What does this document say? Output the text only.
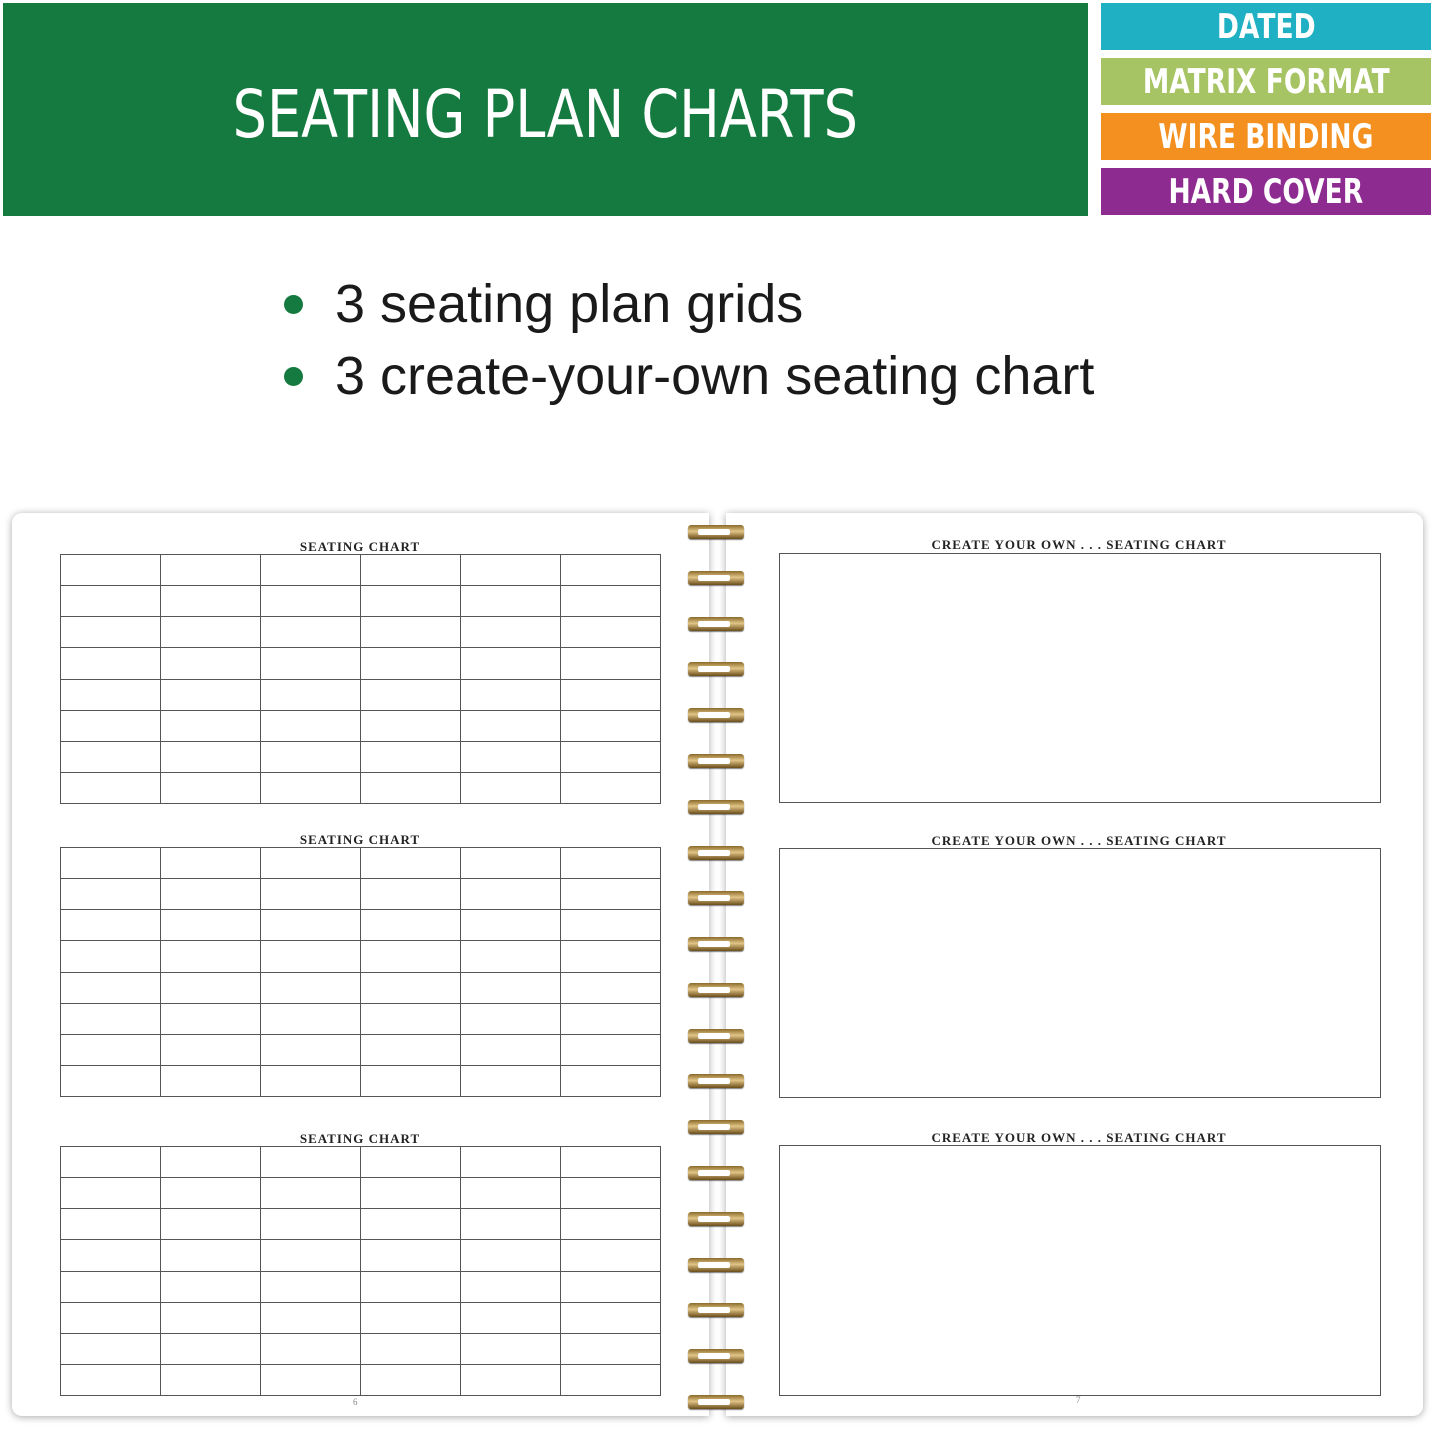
SEATING PLAN CHARTS
DATED
MATRIX FORMAT
WIRE BINDING
HARD COVER
3 seating plan grids
3 create-your-own seating chart
SEATING CHART

SEATING CHART

SEATING CHART

6
CREATE YOUR OWN . . . SEATING CHART
CREATE YOUR OWN . . . SEATING CHART
CREATE YOUR OWN . . . SEATING CHART
7
